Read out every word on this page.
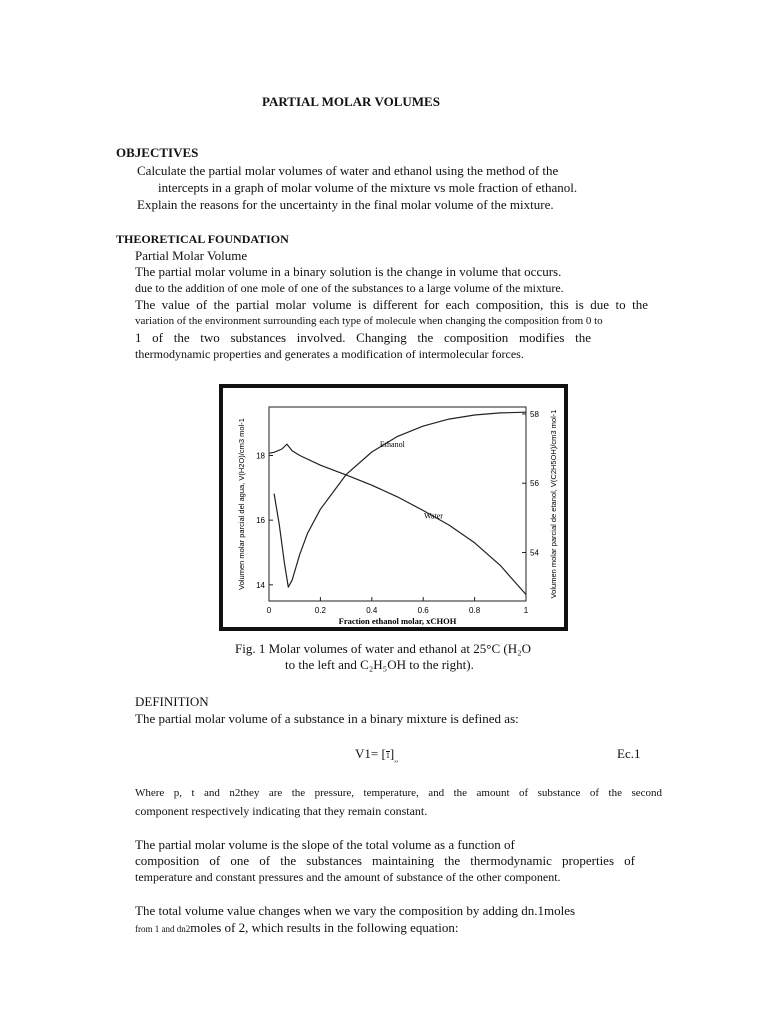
PARTIAL MOLAR VOLUMES
OBJECTIVES
Calculate the partial molar volumes of water and ethanol using the method of the
intercepts in a graph of molar volume of the mixture vs mole fraction of ethanol.
Explain the reasons for the uncertainty in the final molar volume of the mixture.
THEORETICAL FOUNDATION
Partial Molar Volume
The partial molar volume in a binary solution is the change in volume that occurs.
due to the addition of one mole of one of the substances to a large volume of the mixture.
The value of the partial molar volume is different for each composition, this is due to the
variation of the environment surrounding each type of molecule when changing the composition from 0 to
1 of the two substances involved. Changing the composition modifies the
thermodynamic properties and generates a modification of intermolecular forces.
0	0.2	0.4	0.6	0.8	1
14
16
18
54
56
58
Fraction ethanol molar, xCHOH
Volumen molar parcial del agua, V(H2O)/cm3 mol-1	Volumen molar parcial de etanol, V(C2H5OH)/cm3 mol-1
Ethanol
Water
Fig. 1 Molar volumes of water and ethanol at 25°C (H₂O
to the left and C₂H₅OH to the right).
DEFINITION
The partial molar volume of a substance in a binary mixture is defined as:
V1= [ 1 ]$_{,,}$	Ec.1
Where p, t and n2they are the pressure, temperature, and the amount of substance of the second
component respectively indicating that they remain constant.
The partial molar volume is the slope of the total volume as a function of
composition of one of the substances maintaining the thermodynamic properties of
temperature and constant pressures and the amount of substance of the other component.
The total volume value changes when we vary the composition by adding dn.1moles
from 1 and dn2moles of 2, which results in the following equation:
